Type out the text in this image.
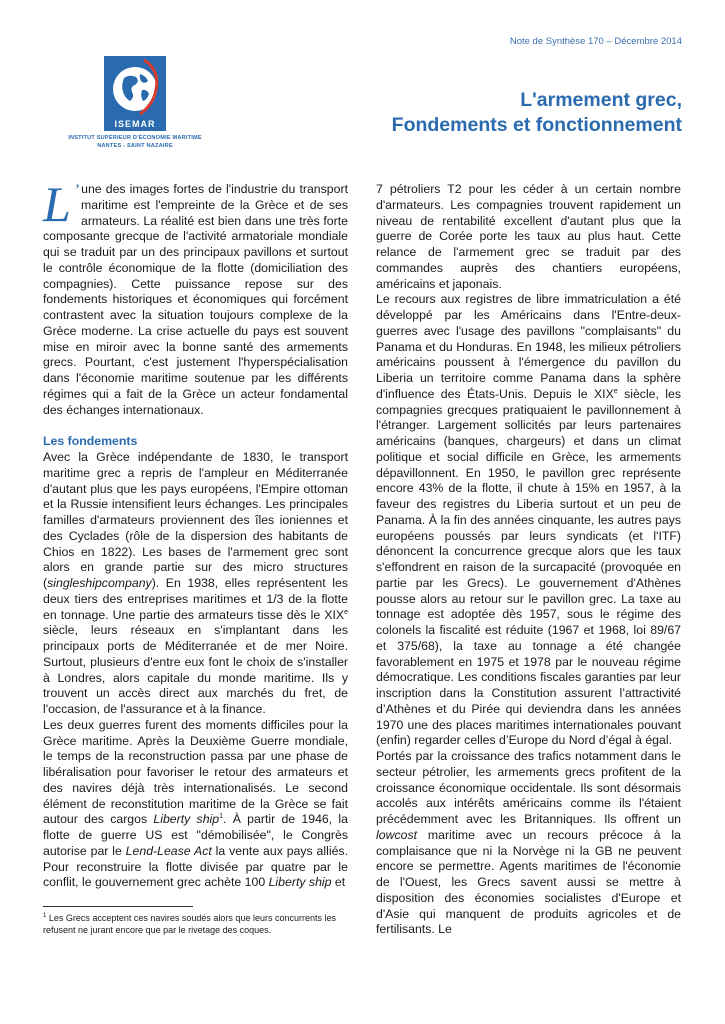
Note de Synthèse 170 – Décembre 2014
ISEMAR
INSTITUT SUPÉRIEUR D'ÉCONOMIE MARITIME
NANTES - SAINT NAZAIRE
L'armement grec,
Fondements et fonctionnement

L ’ une des images fortes de l'industrie du transport maritime est l'empreinte de la Grèce et de ses armateurs. La réalité est bien dans une très forte composante grecque de l'activité armatoriale mondiale qui se traduit par un des principaux pavillons et surtout le contrôle économique de la flotte (domiciliation des compagnies). Cette puissance repose sur des fondements historiques et économiques qui forcément contrastent avec la situation toujours complexe de la Grèce moderne. La crise actuelle du pays est souvent mise en miroir avec la bonne santé des armements grecs. Pourtant, c'est justement l'hyperspécialisation dans l'économie maritime soutenue par les différents régimes qui a fait de la Grèce un acteur fondamental des échanges internationaux.

Les fondements

Avec la Grèce indépendante de 1830, le transport maritime grec a repris de l'ampleur en Méditerranée d'autant plus que les pays européens, l'Empire ottoman et la Russie intensifient leurs échanges. Les principales familles d'armateurs proviennent des îles ioniennes et des Cyclades (rôle de la dispersion des habitants de Chios en 1822). Les bases de l'armement grec sont alors en grande partie sur des micro structures (singleshipcompany). En 1938, elles représentent les deux tiers des entreprises maritimes et 1/3 de la flotte en tonnage. Une partie des armateurs tisse dès le XIXe siècle, leurs réseaux en s'implantant dans les principaux ports de Méditerranée et de mer Noire. Surtout, plusieurs d'entre eux font le choix de s'installer à Londres, alors capitale du monde maritime. Ils y trouvent un accès direct aux marchés du fret, de l'occasion, de l'assurance et à la finance.

Les deux guerres furent des moments difficiles pour la Grèce maritime. Après la Deuxième Guerre mondiale, le temps de la reconstruction passa par une phase de libéralisation pour favoriser le retour des armateurs et des navires déjà très internationalisés. Le second élément de reconstitution maritime de la Grèce se fait autour des cargos Liberty ship$^1$. À partir de 1946, la flotte de guerre US est "démobilisée", le Congrès autorise par le Lend-Lease Act la vente aux pays alliés. Pour reconstruire la flotte divisée par quatre par le conflit, le gouvernement grec achète 100 Liberty ship et

7 pétroliers T2 pour les céder à un certain nombre d'armateurs. Les compagnies trouvent rapidement un niveau de rentabilité excellent d'autant plus que la guerre de Corée porte les taux au plus haut. Cette relance de l'armement grec se traduit par des commandes auprès des chantiers européens, américains et japonais.

Le recours aux registres de libre immatriculation a été développé par les Américains dans l'Entre-deux-guerres avec l'usage des pavillons "complaisants" du Panama et du Honduras. En 1948, les milieux pétroliers américains poussent à l'émergence du pavillon du Liberia un territoire comme Panama dans la sphère d'influence des États-Unis. Depuis le XIXe siècle, les compagnies grecques pratiquaient le pavillonnement à l'étranger. Largement sollicités par leurs partenaires américains (banques, chargeurs) et dans un climat politique et social difficile en Grèce, les armements dépavillonnent. En 1950, le pavillon grec représente encore 43% de la flotte, il chute à 15% en 1957, à la faveur des registres du Liberia surtout et un peu de Panama. À la fin des années cinquante, les autres pays européens poussés par leurs syndicats (et l'ITF) dénoncent la concurrence grecque alors que les taux s'effondrent en raison de la surcapacité (provoquée en partie par les Grecs). Le gouvernement d'Athènes pousse alors au retour sur le pavillon grec. La taxe au tonnage est adoptée dès 1957, sous le régime des colonels la fiscalité est réduite (1967 et 1968, loi 89/67 et 375/68), la taxe au tonnage a été changée favorablement en 1975 et 1978 par le nouveau régime démocratique. Les conditions fiscales garanties par leur inscription dans la Constitution assurent l’attractivité d’Athènes et du Pirée qui deviendra dans les années 1970 une des places maritimes internationales pouvant (enfin) regarder celles d’Europe du Nord d’égal à égal.

Portés par la croissance des trafics notamment dans le secteur pétrolier, les armements grecs profitent de la croissance économique occidentale. Ils sont désormais accolés aux intérêts américains comme ils l'étaient précédemment avec les Britanniques. Ils offrent un lowcost maritime avec un recours précoce à la complaisance que ni la Norvège ni la GB ne peuvent encore se permettre. Agents maritimes de l'économie de l'Ouest, les Grecs savent aussi se mettre à disposition des économies socialistes d'Europe et d'Asie qui manquent de produits agricoles et de fertilisants. Le

$^1$ Les Grecs acceptent ces navires soudés alors que leurs concurrents les refusent ne jurant encore que par le rivetage des coques.
